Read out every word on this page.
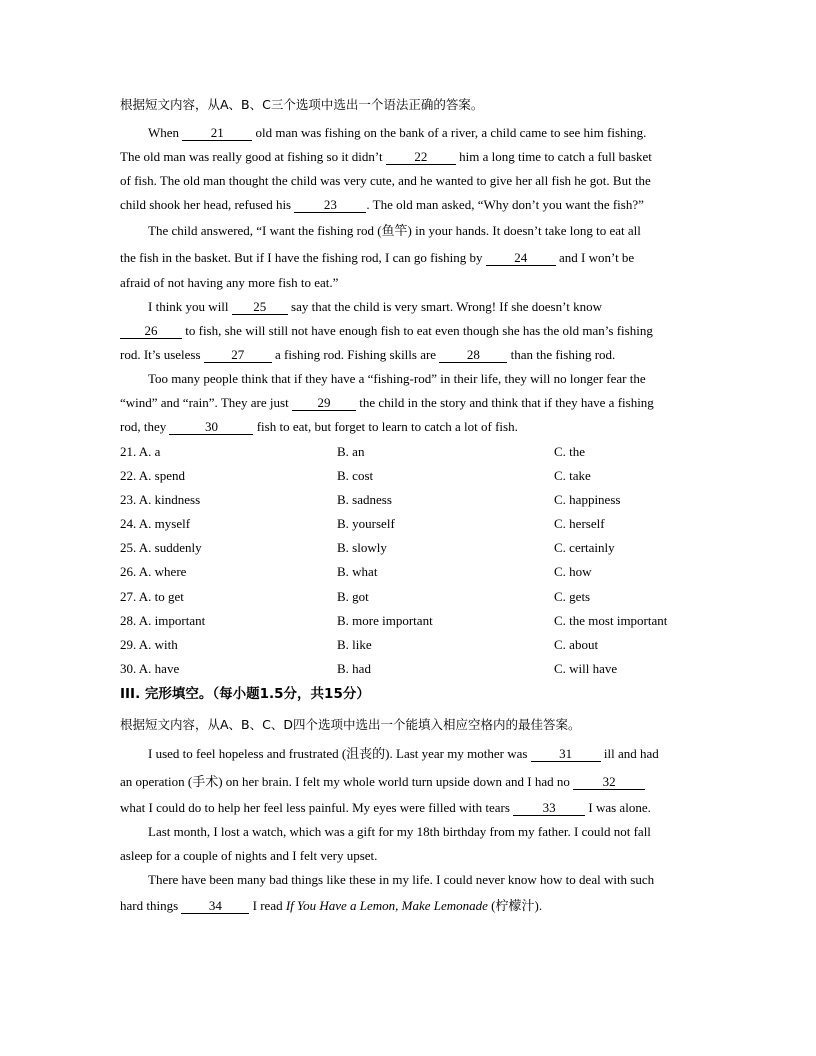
根据短文内容，从A、B、C三个选项中选出一个语法正确的答案。
When 21 old man was fishing on the bank of a river, a child came to see him fishing.
The old man was really good at fishing so it didn’t 22 him a long time to catch a full basket
of fish. The old man thought the child was very cute, and he wanted to give her all fish he got. But the
child shook her head, refused his 23 . The old man asked, “Why don’t you want the fish?”
The child answered, “I want the fishing rod (鱼竿) in your hands. It doesn’t take long to eat all
the fish in the basket. But if I have the fishing rod, I can go fishing by 24 and I won’t be
afraid of not having any more fish to eat.”
I think you will 25 say that the child is very smart. Wrong! If she doesn’t know
26 to fish, she will still not have enough fish to eat even though she has the old man’s fishing
rod. It’s useless 27 a fishing rod. Fishing skills are 28 than the fishing rod.
Too many people think that if they have a “fishing-rod” in their life, they will no longer fear the
“wind” and “rain”. They are just 29 the child in the story and think that if they have a fishing
rod, they	30	fish to eat, but forget to learn to catch a lot of fish.
21. A. a	B. an	C. the
22. A. spend	B. cost	C. take
23. A. kindness	B. sadness	C. happiness
24. A. myself	B. yourself	C. herself
25. A. suddenly	B. slowly	C. certainly
26. A. where	B. what	C. how
27. A. to get	B. got	C. gets
28. A. important	B. more important	C. the most important
29. A. with	B. like	C. about
30. A. have	B. had	C. will have
III. 完形填空。（每小题1.5分，共15分）
根据短文内容，从A、B、C、D四个选项中选出一个能填入相应空格内的最佳答案。
I used to feel hopeless and frustrated (沮丧的). Last year my mother was 31 ill and had
an operation (手术) on her brain. I felt my whole world turn upside down and I had no 32
what I could do to help her feel less painful. My eyes were filled with tears 33 I was alone.
Last month, I lost a watch, which was a gift for my 18th birthday from my father. I could not fall
asleep for a couple of nights and I felt very upset.
There have been many bad things like these in my life. I could never know how to deal with such
hard things 34 I read If You Have a Lemon, Make Lemonade (柠檬汁).
